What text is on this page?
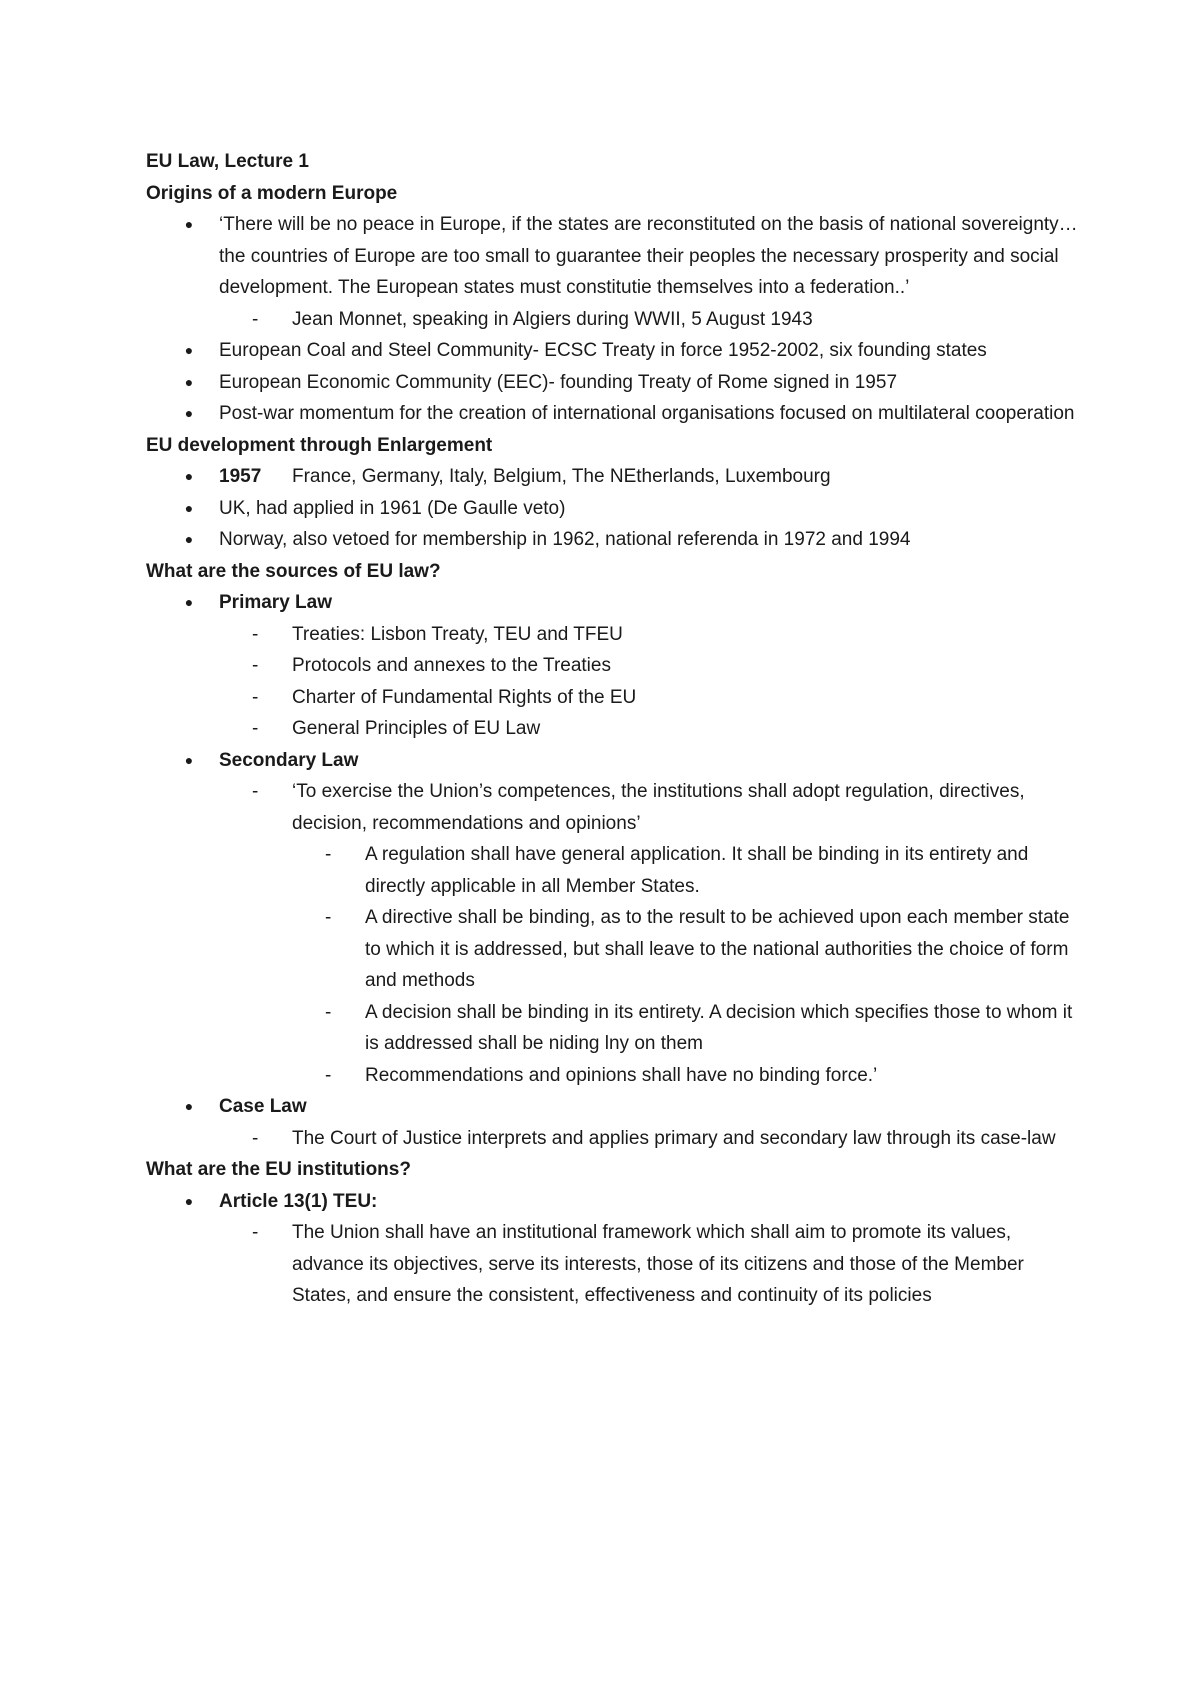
EU Law, Lecture 1

Origins of a modern Europe

● ‘There will be no peace in Europe, if the states are reconstituted on the basis of national sovereignty… the countries of Europe are too small to guarantee their peoples the necessary prosperity and social development. The European states must constitutie themselves into a federation..’
- Jean Monnet, speaking in Algiers during WWII, 5 August 1943
● European Coal and Steel Community- ECSC Treaty in force 1952-2002, six founding states
● European Economic Community (EEC)- founding Treaty of Rome signed in 1957
● Post-war momentum for the creation of international organisations focused on multilateral cooperation

EU development through Enlargement

● 1957 France, Germany, Italy, Belgium, The NEtherlands, Luxembourg
● UK, had applied in 1961 (De Gaulle veto)
● Norway, also vetoed for membership in 1962, national referenda in 1972 and 1994

What are the sources of EU law?

● Primary Law
- Treaties: Lisbon Treaty, TEU and TFEU
- Protocols and annexes to the Treaties
- Charter of Fundamental Rights of the EU
- General Principles of EU Law
● Secondary Law
- ‘To exercise the Union’s competences, the institutions shall adopt regulation, directives, decision, recommendations and opinions’
- A regulation shall have general application. It shall be binding in its entirety and directly applicable in all Member States.
- A directive shall be binding, as to the result to be achieved upon each member state to which it is addressed, but shall leave to the national authorities the choice of form and methods
- A decision shall be binding in its entirety. A decision which specifies those to whom it is addressed shall be niding lny on them
- Recommendations and opinions shall have no binding force.’
● Case Law
- The Court of Justice interprets and applies primary and secondary law through its case-law

What are the EU institutions?

● Article 13(1) TEU:
- The Union shall have an institutional framework which shall aim to promote its values, advance its objectives, serve its interests, those of its citizens and those of the Member States, and ensure the consistent, effectiveness and continuity of its policies
